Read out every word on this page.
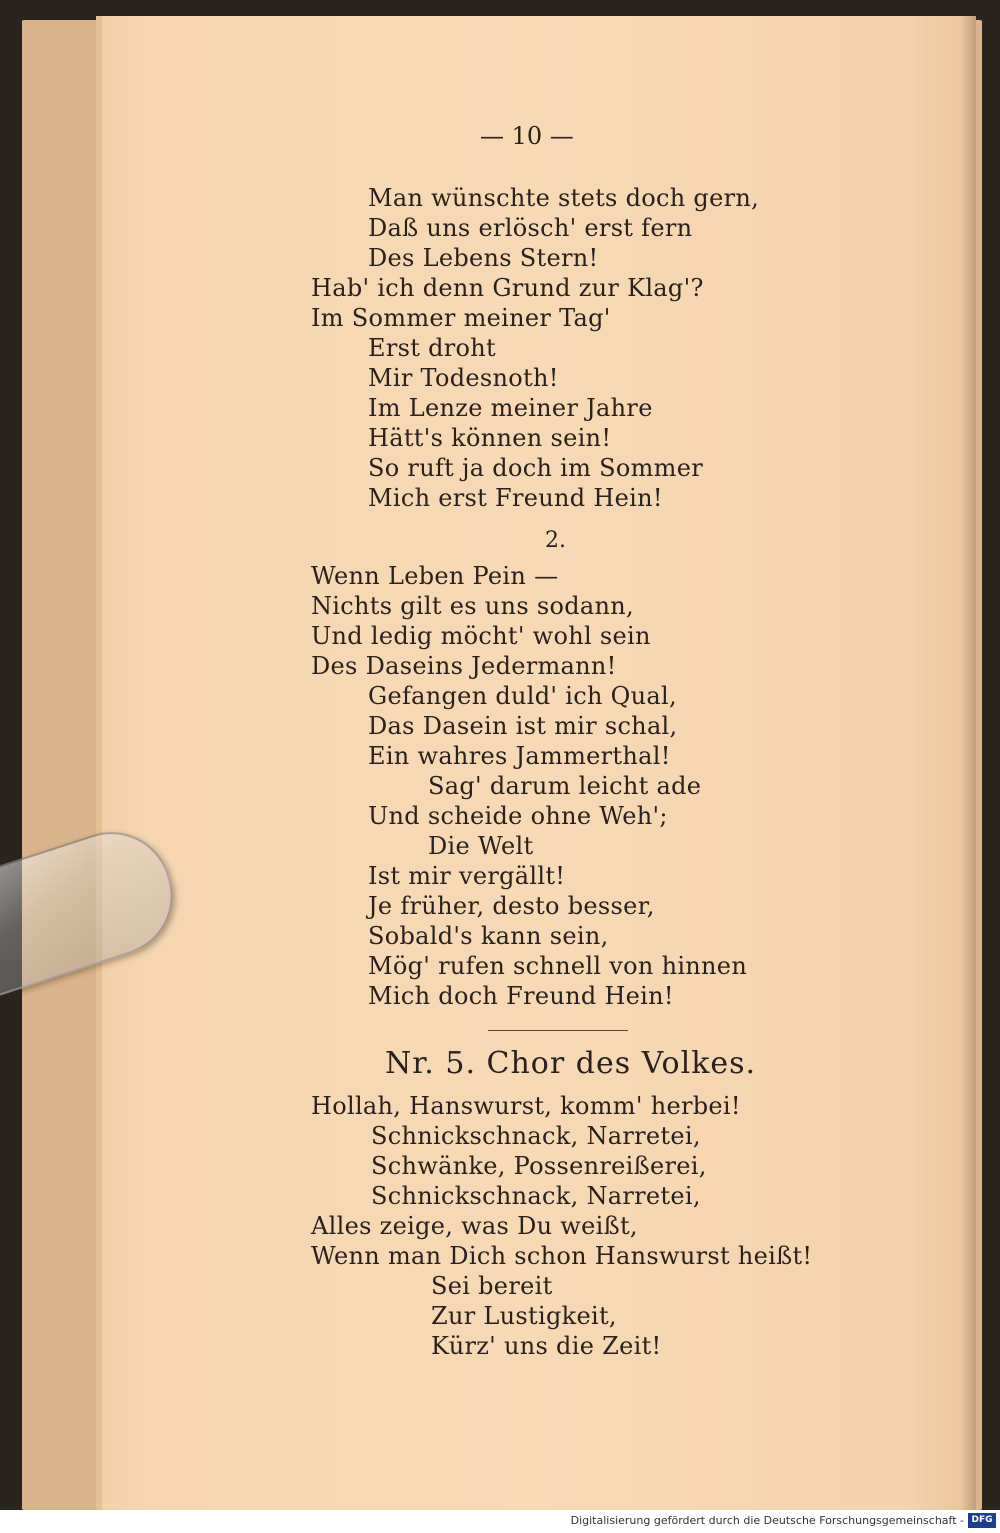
— 10 —
Man wünschte stets doch gern,
Daß uns erlösch' erst fern
Des Lebens Stern!
Hab' ich denn Grund zur Klag'?
Im Sommer meiner Tag'
Erst droht
Mir Todesnoth!
Im Lenze meiner Jahre
Hätt's können sein!
So ruft ja doch im Sommer
Mich erst Freund Hein!
2.
Wenn Leben Pein —
Nichts gilt es uns sodann,
Und ledig möcht' wohl sein
Des Daseins Jedermann!
Gefangen duld' ich Qual,
Das Dasein ist mir schal,
Ein wahres Jammerthal!
Sag' darum leicht ade
Und scheide ohne Weh';
Die Welt
Ist mir vergällt!
Je früher, desto besser,
Sobald's kann sein,
Mög' rufen schnell von hinnen
Mich doch Freund Hein!
Nr. 5. Chor des Volkes.
Hollah, Hanswurst, komm' herbei!
Schnickschnack, Narretei,
Schwänke, Possenreißerei,
Schnickschnack, Narretei,
Alles zeige, was Du weißt,
Wenn man Dich schon Hanswurst heißt!
Sei bereit
Zur Lustigkeit,
Kürz' uns die Zeit!
Digitalisierung gefördert durch die Deutsche Forschungsgemeinschaft - DFG
